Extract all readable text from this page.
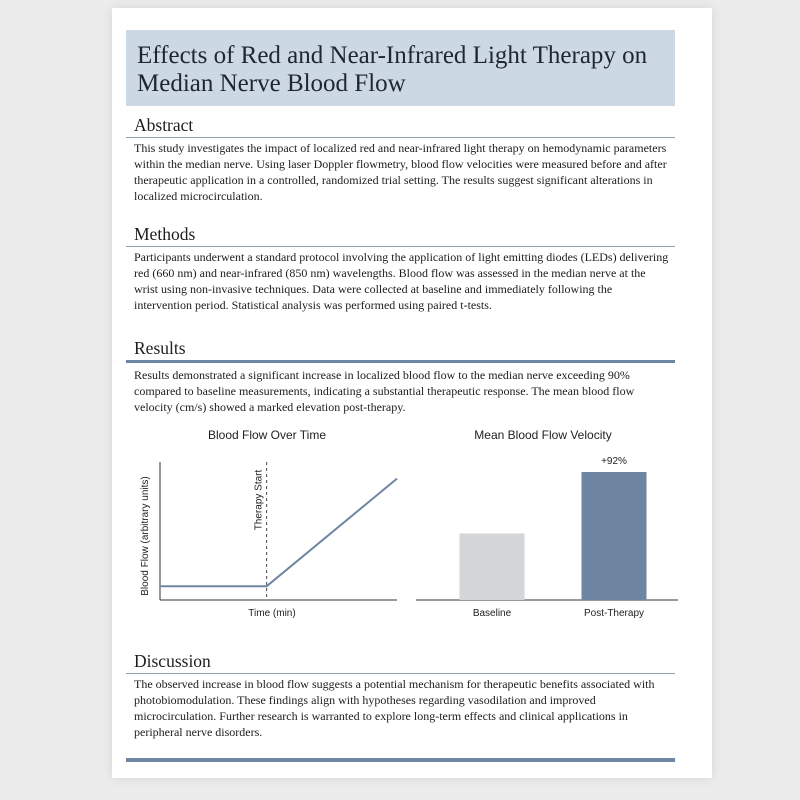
Effects of Red and Near-Infrared Light Therapy on Median Nerve Blood Flow
Abstract
This study investigates the impact of localized red and near-infrared light therapy on hemodynamic parameters within the median nerve. Using laser Doppler flowmetry, blood flow velocities were measured before and after therapeutic application in a controlled, randomized trial setting. The results suggest significant alterations in localized microcirculation.
Methods
Participants underwent a standard protocol involving the application of light emitting diodes (LEDs) delivering red (660 nm) and near-infrared (850 nm) wavelengths. Blood flow was assessed in the median nerve at the wrist using non-invasive techniques. Data were collected at baseline and immediately following the intervention period. Statistical analysis was performed using paired t-tests.
Results
Results demonstrated a significant increase in localized blood flow to the median nerve exceeding 90% compared to baseline measurements, indicating a substantial therapeutic response. The mean blood flow velocity (cm/s) showed a marked elevation post-therapy.
Blood Flow Over Time
Blood Flow (arbitrary units)	Therapy Start
Time (min)
Mean Blood Flow Velocity
Baseline	Post-Therapy
+92%
Discussion
The observed increase in blood flow suggests a potential mechanism for therapeutic benefits associated with photobiomodulation. These findings align with hypotheses regarding vasodilation and improved microcirculation. Further research is warranted to explore long-term effects and clinical applications in peripheral nerve disorders.
